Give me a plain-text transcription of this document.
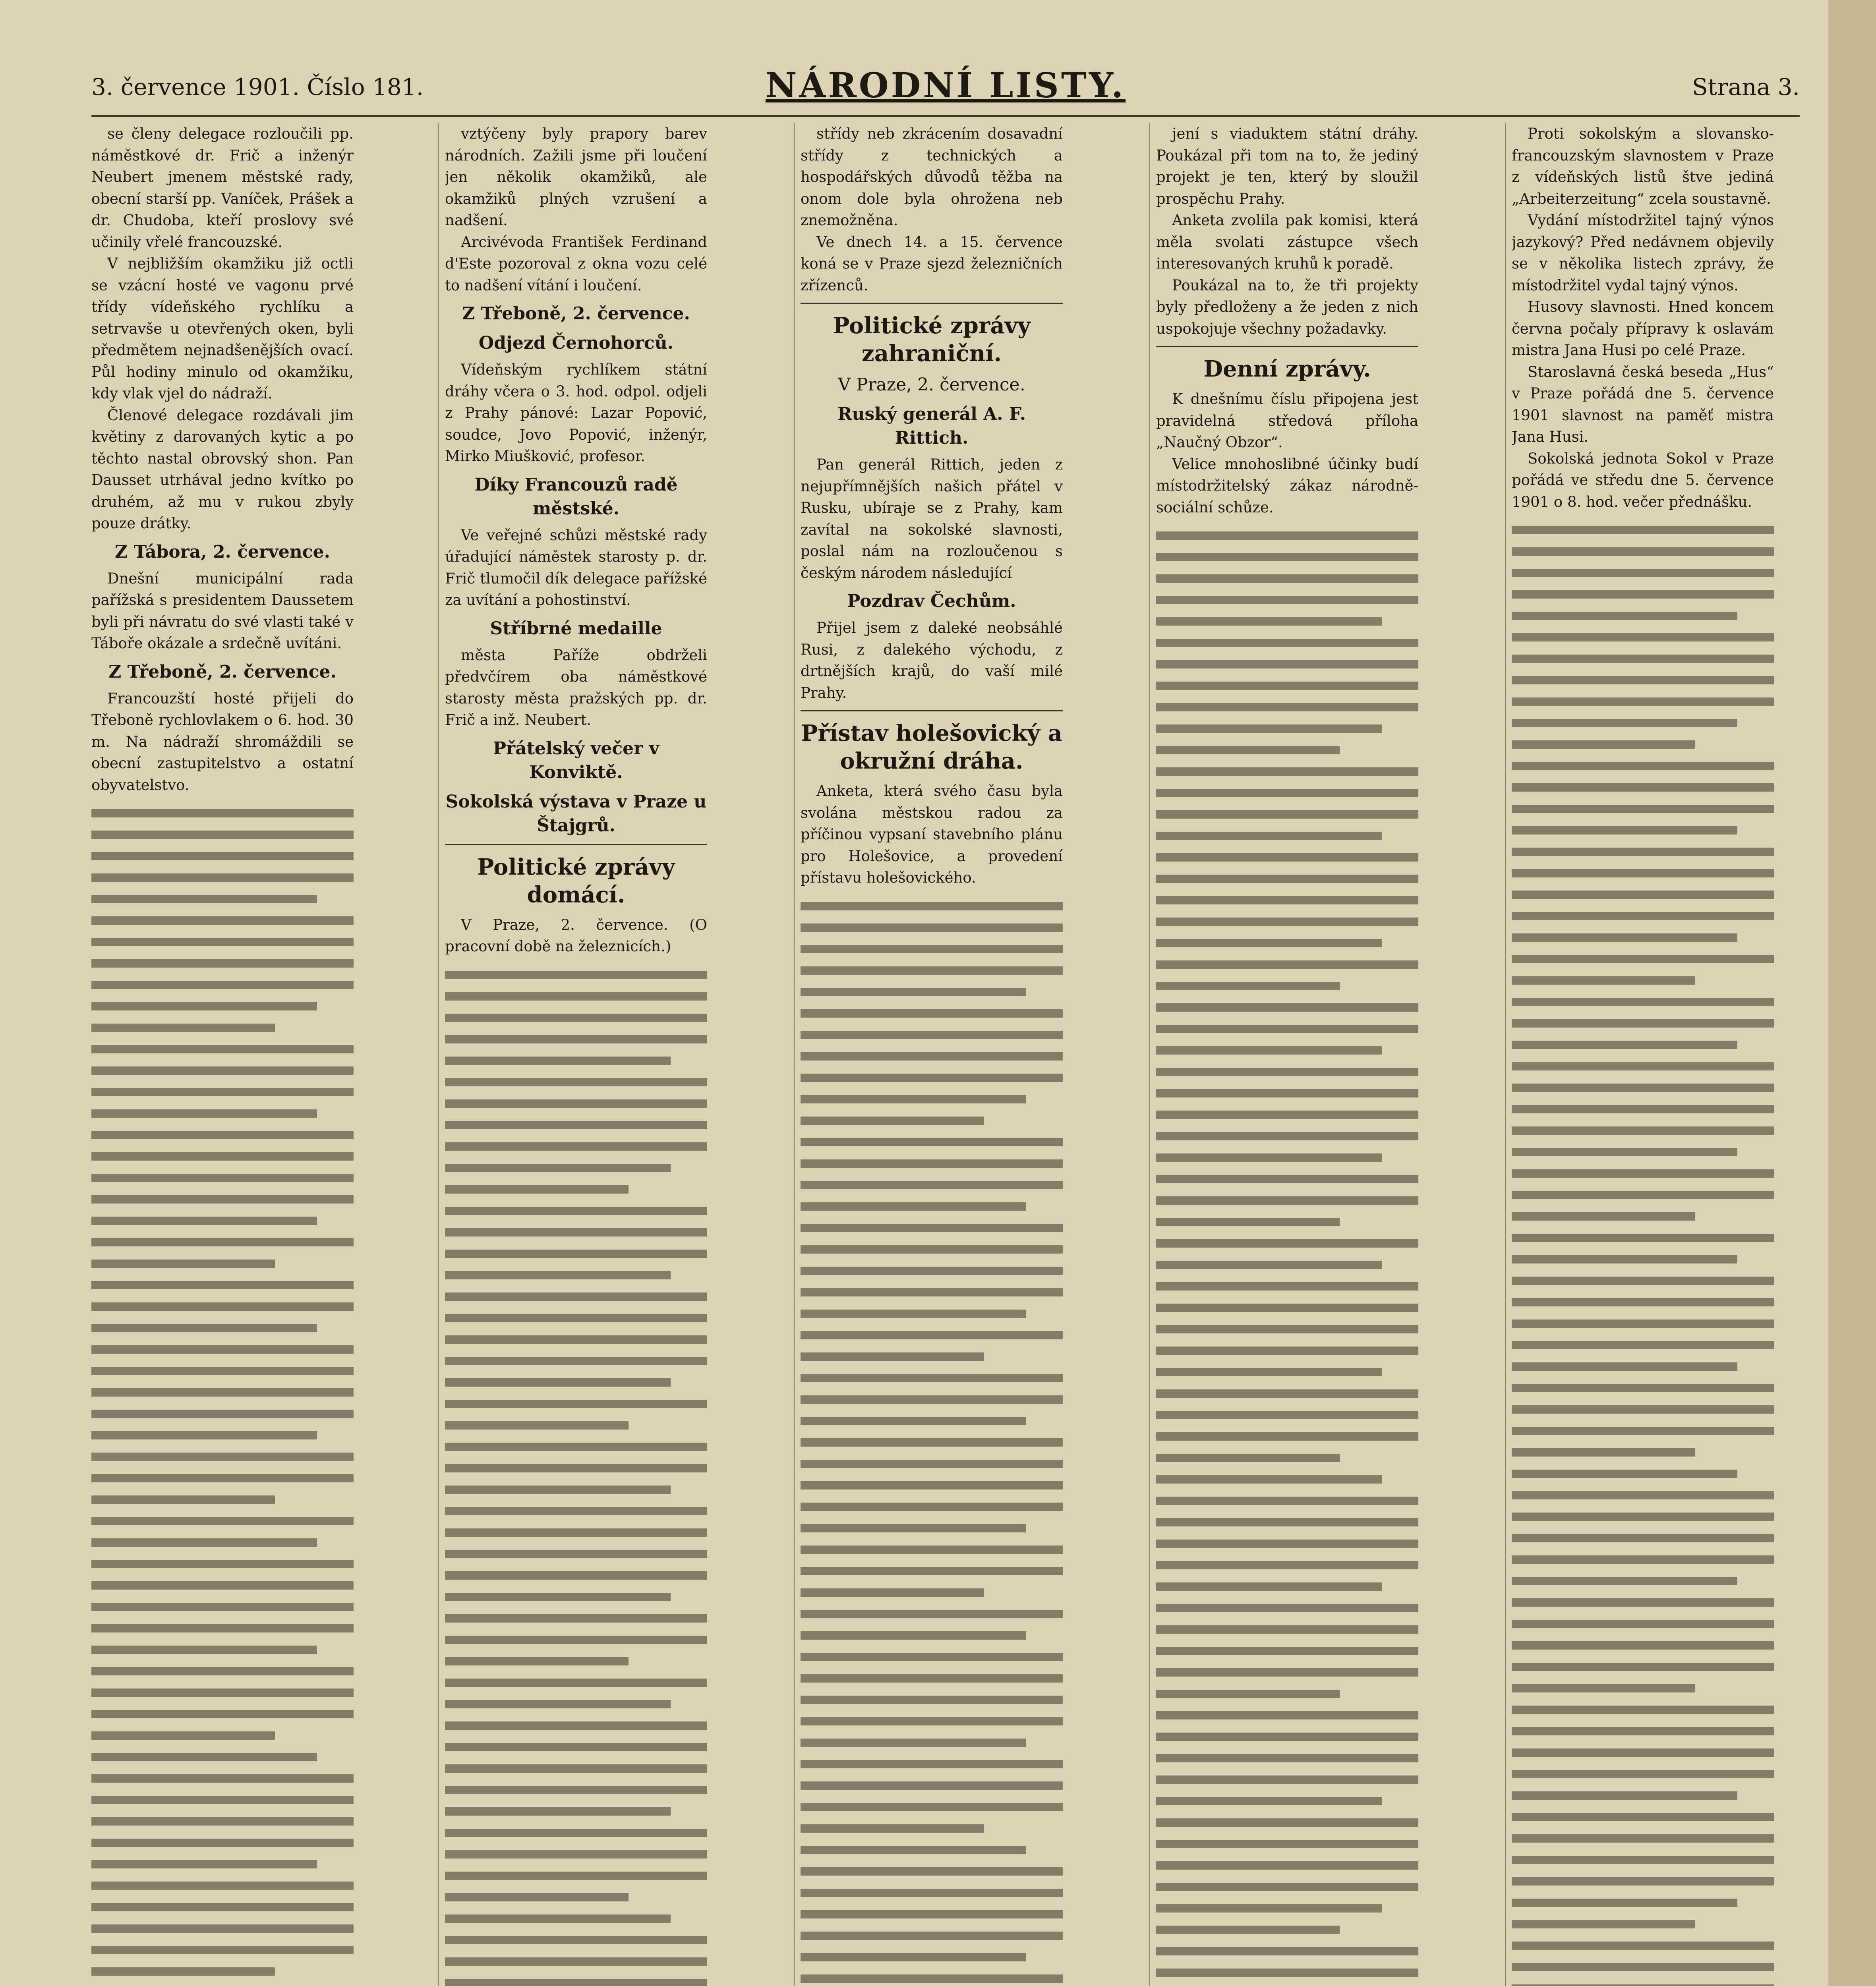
3. července 1901. Číslo 181.	NÁRODNÍ LISTY.	Strana 3.

se členy delegace rozloučili pp. náměstkové dr. Frič a inženýr Neubert jmenem městské rady, obecní starší pp. Vaníček, Prášek a dr. Chudoba, kteří proslovy své učinily vřelé francouzské.

V nejbližším okamžiku již octli se vzácní hosté ve vagonu prvé třídy vídeňského rychlíku a setrvavše u otevřených oken, byli předmětem nejnadšenějších ovací. Půl hodiny minulo od okamžiku, kdy vlak vjel do nádraží.

Členové delegace rozdávali jim květiny z darovaných kytic a po těchto nastal obrovský shon. Pan Dausset utrhával jedno kvítko po druhém, až mu v rukou zbyly pouze drátky.

Z Tábora, 2. července.

Dnešní municipální rada pařížská s presidentem Daussetem byli při návratu do své vlasti také v Táboře okázale a srdečně uvítáni.

Z Třeboně, 2. července.

Francouzští hosté přijeli do Třeboně rychlovlakem o 6. hod. 30 m. Na nádraží shromáždili se obecní zastupitelstvo a ostatní obyvatelstvo.

vztýčeny byly prapory barev národních. Zažili jsme při loučení jen několik okamžiků, ale okamžiků plných vzrušení a nadšení.

Arcivévoda František Ferdinand d'Este pozoroval z okna vozu celé to nadšení vítání i loučení.

Z Třeboně, 2. července.
Odjezd Černohorců.

Vídeňským rychlíkem státní dráhy včera o 3. hod. odpol. odjeli z Prahy pánové: Lazar Popović, soudce, Jovo Popović, inženýr, Mirko Miušković, profesor.

Díky Francouzů radě městské.

Ve veřejné schůzi městské rady úřadující náměstek starosty p. dr. Frič tlumočil dík delegace pařížské za uvítání a pohostinství.

Stříbrné medaille

města Paříže obdrželi předvčírem oba náměstkové starosty města pražských pp. dr. Frič a inž. Neubert.

Přátelský večer v Konviktě.
Sokolská výstava v Praze u Štajgrů.
Politické zprávy domácí.

V Praze, 2. července. (O pracovní době na železnicích.)

střídy neb zkrácením dosavadní střídy z technických a hospodářských důvodů těžba na onom dole byla ohrožena neb znemožněna.

Ve dnech 14. a 15. července koná se v Praze sjezd železničních zřízenců.

Politické zprávy zahraniční.
V Praze, 2. července.
Ruský generál A. F. Rittich.

Pan generál Rittich, jeden z nejupřímnějších našich přátel v Rusku, ubíraje se z Prahy, kam zavítal na sokolské slavnosti, poslal nám na rozloučenou s českým národem následující

Pozdrav Čechům.

Přijel jsem z daleké neobsáhlé Rusi, z dalekého východu, z drtnějších krajů, do vaší milé Prahy.

Přístav holešovický a okružní dráha.

Anketa, která svého času byla svolána městskou radou za příčinou vypsaní stavebního plánu pro Holešovice, a provedení přístavu holešovického.

jení s viaduktem státní dráhy. Poukázal při tom na to, že jediný projekt je ten, který by sloužil prospěchu Prahy.

Anketa zvolila pak komisi, která měla svolati zástupce všech interesovaných kruhů k poradě.

Poukázal na to, že tři projekty byly předloženy a že jeden z nich uspokojuje všechny požadavky.

Denní zprávy.

K dnešnímu číslu připojena jest pravidelná středová příloha „Naučný Obzor“.

Velice mnohoslibné účinky budí místodržitelský zákaz národně-sociální schůze.

Proti sokolským a slovansko-francouzským slavnostem v Praze z vídeňských listů štve jediná „Arbeiterzeitung“ zcela soustavně.

Vydání místodržitel tajný výnos jazykový? Před nedávnem objevily se v několika listech zprávy, že místodržitel vydal tajný výnos.

Husovy slavnosti. Hned koncem června počaly přípravy k oslavám mistra Jana Husi po celé Praze.

Staroslavná česká beseda „Hus“ v Praze pořádá dne 5. července 1901 slavnost na paměť mistra Jana Husi.

Sokolská jednota Sokol v Praze pořádá ve středu dne 5. července 1901 o 8. hod. večer přednášku.
